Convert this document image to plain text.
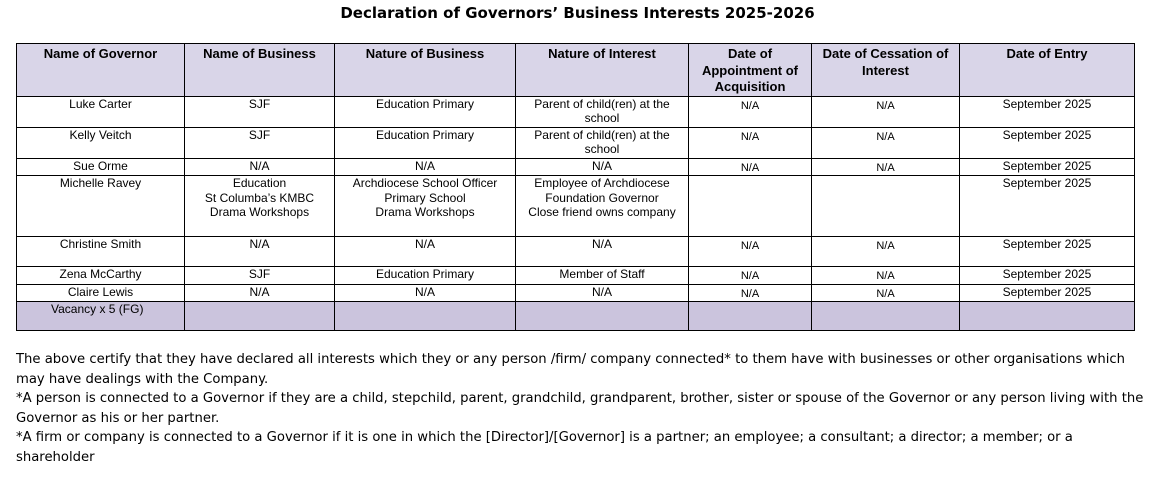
Declaration of Governors’ Business Interests 2025-2026
Name of Governor	Name of Business	Nature of Business	Nature of Interest	Date of Appointment of Acquisition	Date of Cessation of Interest	Date of Entry
Luke Carter	SJF	Education Primary	Parent of child(ren) at the school	N/A	N/A	September 2025
Kelly Veitch	SJF	Education Primary	Parent of child(ren) at the school	N/A	N/A	September 2025
Sue Orme	N/A	N/A	N/A	N/A	N/A	September 2025
Michelle Ravey	Education
St Columba’s KMBC
Drama Workshops	Archdiocese School Officer
Primary School
Drama Workshops	Employee of Archdiocese
Foundation Governor
Close friend owns company			September 2025
Christine Smith	N/A	N/A	N/A	N/A	N/A	September 2025
Zena McCarthy	SJF	Education Primary	Member of Staff	N/A	N/A	September 2025
Claire Lewis	N/A	N/A	N/A	N/A	N/A	September 2025
Vacancy x 5 (FG)						

The above certify that they have declared all interests which they or any person /firm/ company connected* to them have with businesses or other organisations which may have dealings with the Company.

*A person is connected to a Governor if they are a child, stepchild, parent, grandchild, grandparent, brother, sister or spouse of the Governor or any person living with the Governor as his or her partner.

*A firm or company is connected to a Governor if it is one in which the [Director]/[Governor] is a partner; an employee; a consultant; a director; a member; or a shareholder
